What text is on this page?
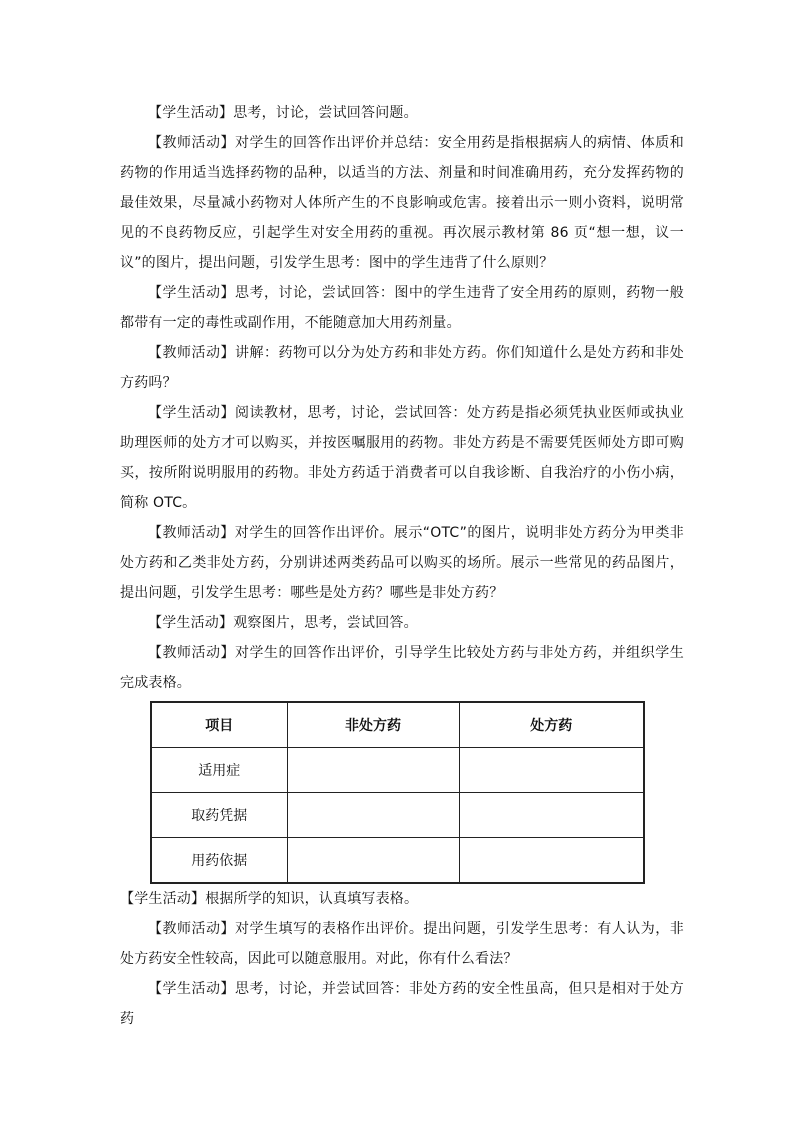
【学生活动】思考，讨论，尝试回答问题。

【教师活动】对学生的回答作出评价并总结：安全用药是指根据病人的病情、体质和药物的作用适当选择药物的品种，以适当的方法、剂量和时间准确用药，充分发挥药物的最佳效果，尽量减小药物对人体所产生的不良影响或危害。接着出示一则小资料，说明常见的不良药物反应，引起学生对安全用药的重视。再次展示教材第 86 页“想一想，议一议”的图片，提出问题，引发学生思考：图中的学生违背了什么原则？

【学生活动】思考，讨论，尝试回答：图中的学生违背了安全用药的原则，药物一般都带有一定的毒性或副作用，不能随意加大用药剂量。

【教师活动】讲解：药物可以分为处方药和非处方药。你们知道什么是处方药和非处方药吗？

【学生活动】阅读教材，思考，讨论，尝试回答：处方药是指必须凭执业医师或执业助理医师的处方才可以购买，并按医嘱服用的药物。非处方药是不需要凭医师处方即可购买，按所附说明服用的药物。非处方药适于消费者可以自我诊断、自我治疗的小伤小病，简称 OTC。

【教师活动】对学生的回答作出评价。展示“OTC”的图片，说明非处方药分为甲类非处方药和乙类非处方药，分别讲述两类药品可以购买的场所。展示一些常见的药品图片，提出问题，引发学生思考：哪些是处方药？哪些是非处方药？

【学生活动】观察图片，思考，尝试回答。

【教师活动】对学生的回答作出评价，引导学生比较处方药与非处方药，并组织学生完成表格。

项目	非处方药	处方药
适用症		
取药凭据		
用药依据		

【学生活动】根据所学的知识，认真填写表格。

【教师活动】对学生填写的表格作出评价。提出问题，引发学生思考：有人认为，非处方药安全性较高，因此可以随意服用。对此，你有什么看法？

【学生活动】思考，讨论，并尝试回答：非处方药的安全性虽高，但只是相对于处方药
